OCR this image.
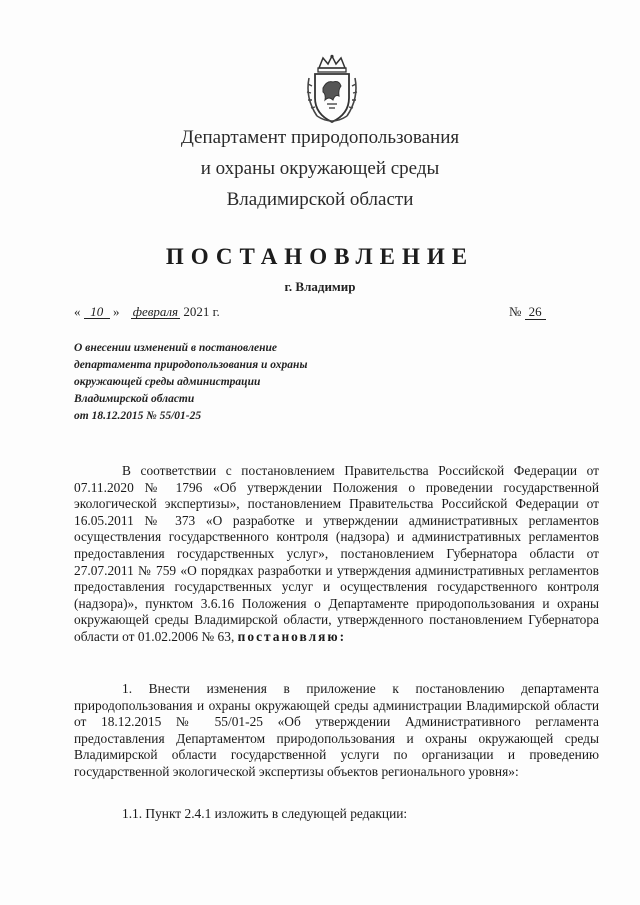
Департамент природопользования
и охраны окружающей среды
Владимирской области
ПОСТАНОВЛЕНИЕ
г. Владимир
« 10 » февраля 2021 г.	№ 26
О внесении изменений в постановление
департамента природопользования и охраны
окружающей среды администрации
Владимирской области
от 18.12.2015 № 55/01-25
В соответствии с постановлением Правительства Российской Федерации от 07.11.2020 № 1796 «Об утверждении Положения о проведении государственной экологической экспертизы», постановлением Правительства Российской Федерации от 16.05.2011 № 373 «О разработке и утверждении административных регламентов осуществления государственного контроля (надзора) и административных регламентов предоставления государственных услуг», постановлением Губернатора области от 27.07.2011 № 759 «О порядках разработки и утверждения административных регламентов предоставления государственных услуг и осуществления государственного контроля (надзора)», пунктом 3.6.16 Положения о Департаменте природопользования и охраны окружающей среды Владимирской области, утвержденного постановлением Губернатора области от 01.02.2006 № 63, постановляю:
1. Внести изменения в приложение к постановлению департамента природопользования и охраны окружающей среды администрации Владимирской области от 18.12.2015 № 55/01-25 «Об утверждении Административного регламента предоставления Департаментом природопользования и охраны окружающей среды Владимирской области государственной услуги по организации и проведению государственной экологической экспертизы объектов регионального уровня»:
1.1. Пункт 2.4.1 изложить в следующей редакции:
